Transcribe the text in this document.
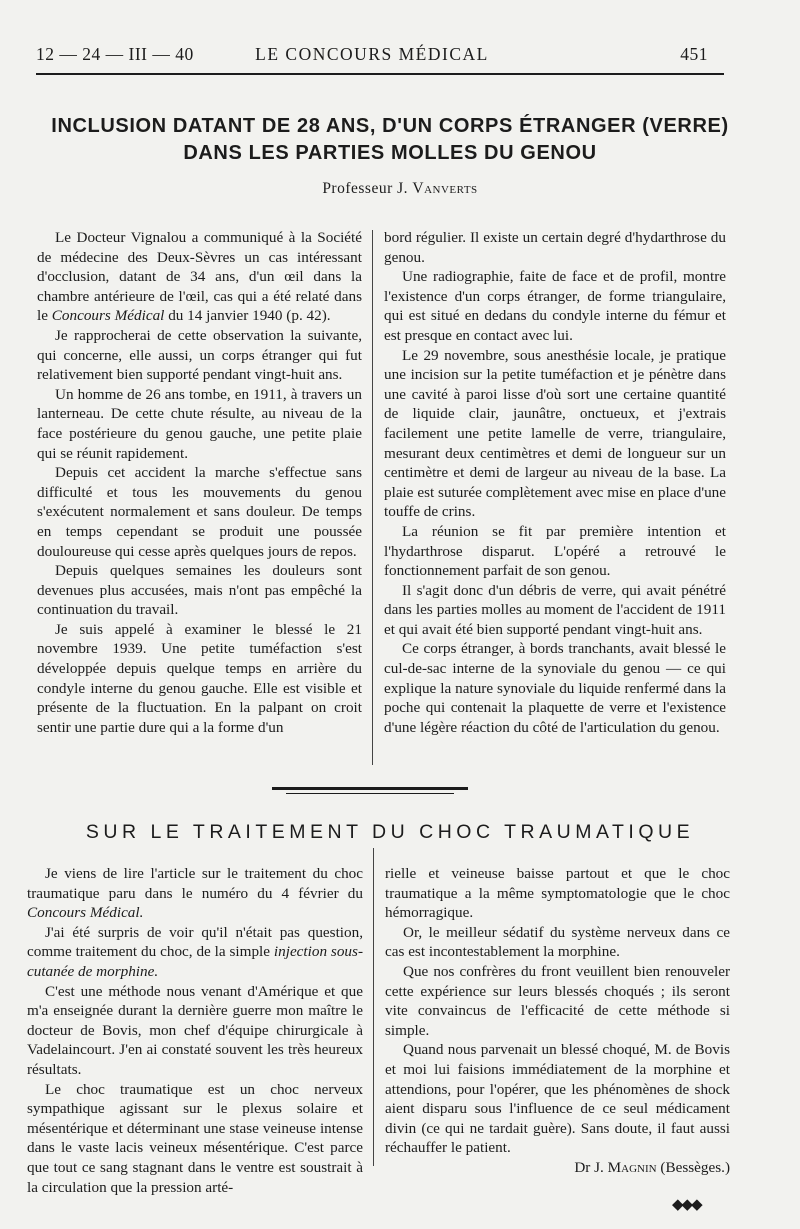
12 — 24 — III — 40	LE CONCOURS MÉDICAL	451
INCLUSION DATANT DE 28 ANS, D'UN CORPS ÉTRANGER (VERRE)
DANS LES PARTIES MOLLES DU GENOU
Professeur J. Vanverts

Le Docteur Vignalou a communiqué à la Société de médecine des Deux-Sèvres un cas intéressant d'occlusion, datant de 34 ans, d'un œil dans la chambre antérieure de l'œil, cas qui a été relaté dans le Concours Médical du 14 janvier 1940 (p. 42).

Je rapprocherai de cette observation la suivante, qui concerne, elle aussi, un corps étranger qui fut relativement bien supporté pendant vingt-huit ans.

Un homme de 26 ans tombe, en 1911, à travers un lanterneau. De cette chute résulte, au niveau de la face postérieure du genou gauche, une petite plaie qui se réunit rapidement.

Depuis cet accident la marche s'effectue sans difficulté et tous les mouvements du genou s'exécutent normalement et sans douleur. De temps en temps cependant se produit une poussée douloureuse qui cesse après quelques jours de repos.

Depuis quelques semaines les douleurs sont devenues plus accusées, mais n'ont pas empêché la continuation du travail.

Je suis appelé à examiner le blessé le 21 novembre 1939. Une petite tuméfaction s'est développée depuis quelque temps en arrière du condyle interne du genou gauche. Elle est visible et présente de la fluctuation. En la palpant on croit sentir une partie dure qui a la forme d'un

bord régulier. Il existe un certain degré d'hydarthrose du genou.

Une radiographie, faite de face et de profil, montre l'existence d'un corps étranger, de forme triangulaire, qui est situé en dedans du condyle interne du fémur et est presque en contact avec lui.

Le 29 novembre, sous anesthésie locale, je pratique une incision sur la petite tuméfaction et je pénètre dans une cavité à paroi lisse d'où sort une certaine quantité de liquide clair, jaunâtre, onctueux, et j'extrais facilement une petite lamelle de verre, triangulaire, mesurant deux centimètres et demi de longueur sur un centimètre et demi de largeur au niveau de la base. La plaie est suturée complètement avec mise en place d'une touffe de crins.

La réunion se fit par première intention et l'hydarthrose disparut. L'opéré a retrouvé le fonctionnement parfait de son genou.

Il s'agit donc d'un débris de verre, qui avait pénétré dans les parties molles au moment de l'accident de 1911 et qui avait été bien supporté pendant vingt-huit ans.

Ce corps étranger, à bords tranchants, avait blessé le cul-de-sac interne de la synoviale du genou — ce qui explique la nature synoviale du liquide renfermé dans la poche qui contenait la plaquette de verre et l'existence d'une légère réaction du côté de l'articulation du genou.

SUR LE TRAITEMENT DU CHOC TRAUMATIQUE

Je viens de lire l'article sur le traitement du choc traumatique paru dans le numéro du 4 février du Concours Médical.

J'ai été surpris de voir qu'il n'était pas question, comme traitement du choc, de la simple injection sous-cutanée de morphine.

C'est une méthode nous venant d'Amérique et que m'a enseignée durant la dernière guerre mon maître le docteur de Bovis, mon chef d'équipe chirurgicale à Vadelaincourt. J'en ai constaté souvent les très heureux résultats.

Le choc traumatique est un choc nerveux sympathique agissant sur le plexus solaire et mésentérique et déterminant une stase veineuse intense dans le vaste lacis veineux mésentérique. C'est parce que tout ce sang stagnant dans le ventre est soustrait à la circulation que la pression arté-

rielle et veineuse baisse partout et que le choc traumatique a la même symptomatologie que le choc hémorragique.

Or, le meilleur sédatif du système nerveux dans ce cas est incontestablement la morphine.

Que nos confrères du front veuillent bien renouveler cette expérience sur leurs blessés choqués ; ils seront vite convaincus de l'efficacité de cette méthode si simple.

Quand nous parvenait un blessé choqué, M. de Bovis et moi lui faisions immédiatement de la morphine et attendions, pour l'opérer, que les phénomènes de shock aient disparu sous l'influence de ce seul médicament divin (ce qui ne tardait guère). Sans doute, il faut aussi réchauffer le patient.

Dr J. Magnin (Bessèges.)

◆◆◆
